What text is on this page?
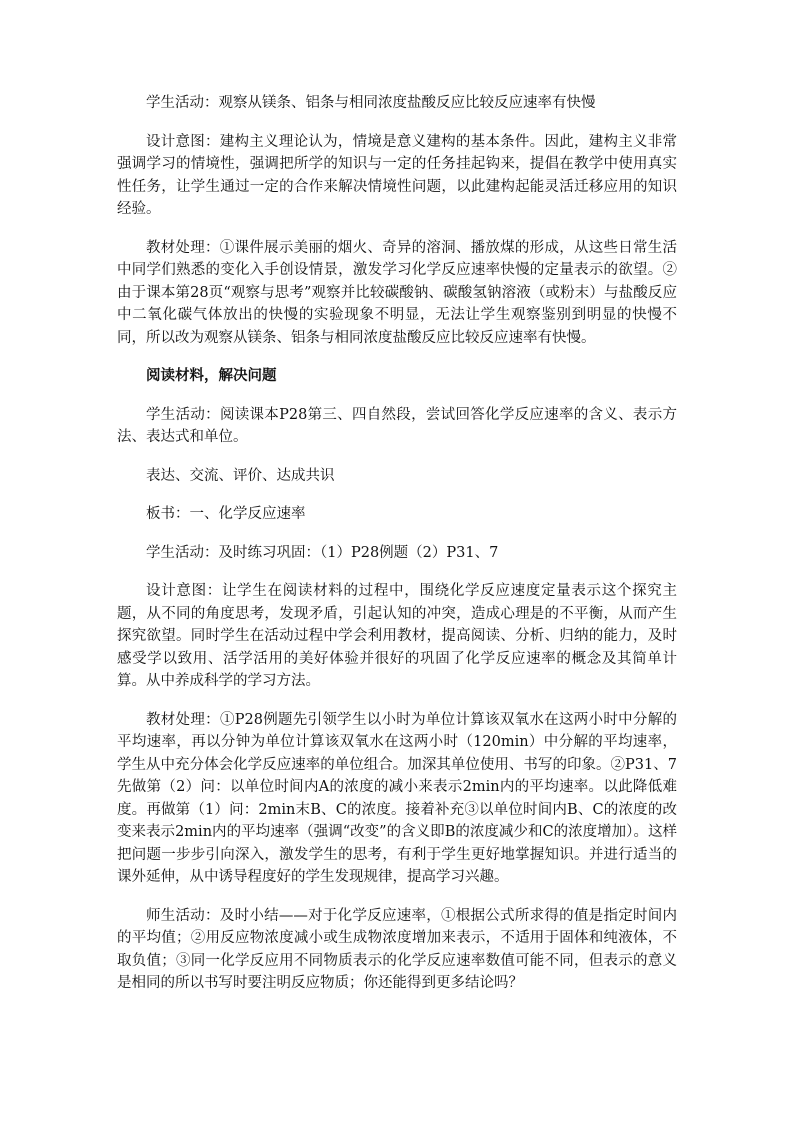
学生活动：观察从镁条、铝条与相同浓度盐酸反应比较反应速率有快慢

设计意图：建构主义理论认为，情境是意义建构的基本条件。因此，建构主义非常强调学习的情境性，强调把所学的知识与一定的任务挂起钩来，提倡在教学中使用真实性任务，让学生通过一定的合作来解决情境性问题，以此建构起能灵活迁移应用的知识经验。

教材处理：①课件展示美丽的烟火、奇异的溶洞、播放煤的形成，从这些日常生活中同学们熟悉的变化入手创设情景，激发学习化学反应速率快慢的定量表示的欲望。②由于课本第28页“观察与思考”观察并比较碳酸钠、碳酸氢钠溶液（或粉末）与盐酸反应中二氧化碳气体放出的快慢的实验现象不明显，无法让学生观察鉴别到明显的快慢不同，所以改为观察从镁条、铝条与相同浓度盐酸反应比较反应速率有快慢。

阅读材料，解决问题

学生活动：阅读课本P28第三、四自然段，尝试回答化学反应速率的含义、表示方法、表达式和单位。

表达、交流、评价、达成共识

板书：一、化学反应速率

学生活动：及时练习巩固：（1）P28例题（2）P31、7

设计意图：让学生在阅读材料的过程中，围绕化学反应速度定量表示这个探究主题，从不同的角度思考，发现矛盾，引起认知的冲突，造成心理是的不平衡，从而产生探究欲望。同时学生在活动过程中学会利用教材，提高阅读、分析、归纳的能力，及时感受学以致用、活学活用的美好体验并很好的巩固了化学反应速率的概念及其简单计算。从中养成科学的学习方法。

教材处理：①P28例题先引领学生以小时为单位计算该双氧水在这两小时中分解的平均速率，再以分钟为单位计算该双氧水在这两小时（120min）中分解的平均速率，学生从中充分体会化学反应速率的单位组合。加深其单位使用、书写的印象。②P31、7先做第（2）问：以单位时间内A的浓度的减小来表示2min内的平均速率。以此降低难度。再做第（1）问：2min末B、C的浓度。接着补充③以单位时间内B、C的浓度的改变来表示2min内的平均速率（强调“改变”的含义即B的浓度减少和C的浓度增加）。这样把问题一步步引向深入，激发学生的思考，有利于学生更好地掌握知识。并进行适当的课外延伸，从中诱导程度好的学生发现规律，提高学习兴趣。

师生活动：及时小结——对于化学反应速率，①根据公式所求得的值是指定时间内的平均值；②用反应物浓度减小或生成物浓度增加来表示，不适用于固体和纯液体，不取负值；③同一化学反应用不同物质表示的化学反应速率数值可能不同，但表示的意义是相同的所以书写时要注明反应物质；你还能得到更多结论吗？
